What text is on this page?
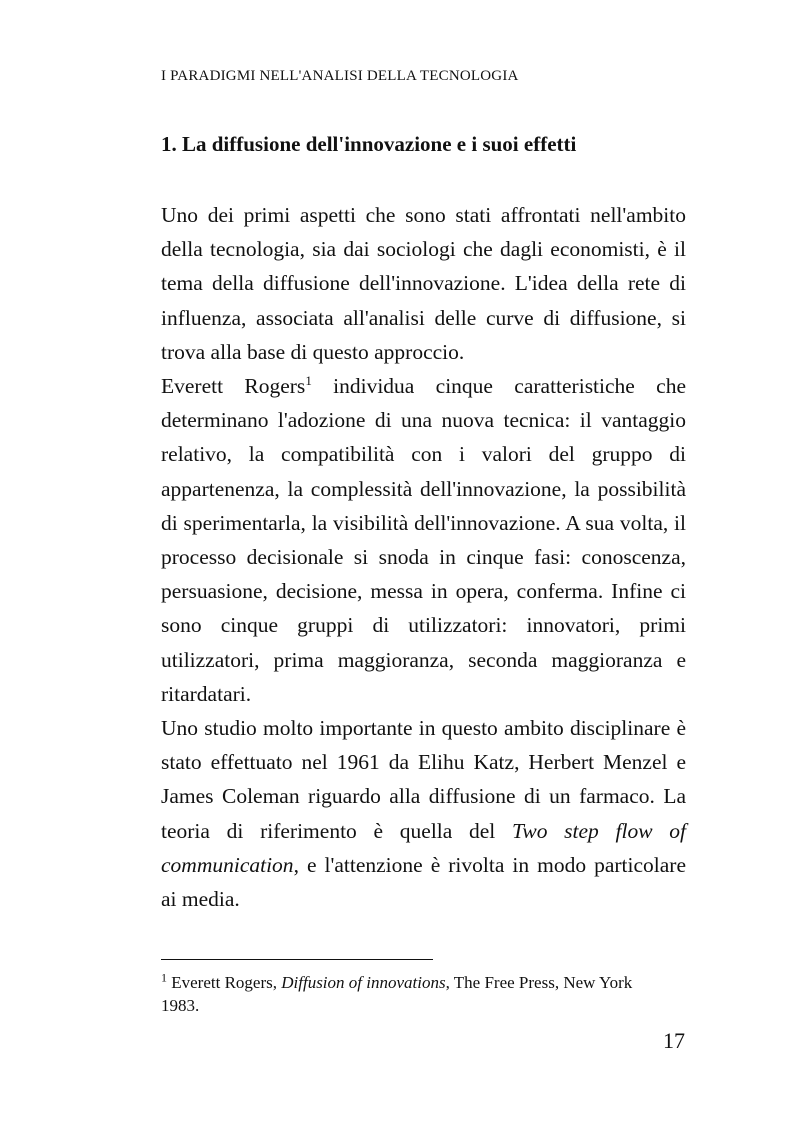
I PARADIGMI NELL'ANALISI DELLA TECNOLOGIA
1. La diffusione dell'innovazione e i suoi effetti

Uno dei primi aspetti che sono stati affrontati nell'ambito della tecnologia, sia dai sociologi che dagli economisti, è il tema della diffusione dell'innovazione. L'idea della rete di influenza, associata all'analisi delle curve di diffusione, si trova alla base di questo approccio.

Everett Rogers$^1$ individua cinque caratteristiche che determinano l'adozione di una nuova tecnica: il vantaggio relativo, la compatibilità con i valori del gruppo di appartenenza, la complessità dell'innovazione, la possibilità di sperimentarla, la visibilità dell'innovazione. A sua volta, il processo decisionale si snoda in cinque fasi: conoscenza, persuasione, decisione, messa in opera, conferma. Infine ci sono cinque gruppi di utilizzatori: innovatori, primi utilizzatori, prima maggioranza, seconda maggioranza e ritardatari.

Uno studio molto importante in questo ambito disciplinare è stato effettuato nel 1961 da Elihu Katz, Herbert Menzel e James Coleman riguardo alla diffusione di un farmaco. La teoria di riferimento è quella del Two step flow of communication, e l'attenzione è rivolta in modo particolare ai media.

$^1$ Everett Rogers, Diffusion of innovations, The Free Press, New York 1983.
17
